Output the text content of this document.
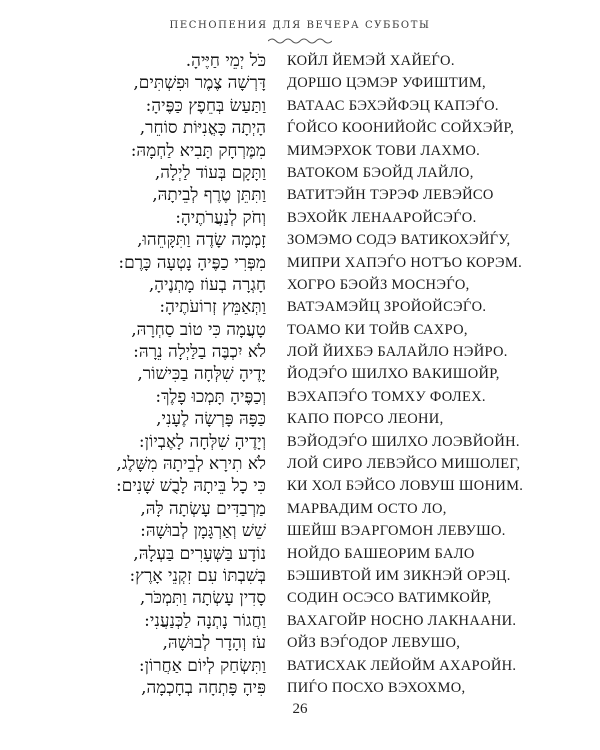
ПЕСНОПЕНИЯ ДЛЯ ВЕЧЕРА СУББОТЫ
כֹּל יְמֵי חַיֶּיהָ. КОЙЛ ЙЕМЭЙ ХАЙЕЃО.
דָּרְשָׁה צֶמֶר וּפִשְׁתִּים, ДОРШО ЦЭМЭР УФИШТИМ,
וַתַּעַשׂ בְּחֵפֶץ כַּפֶּיהָ: ВАТААС БЭХЭЙФЭЦ КАПЭЃО.
הָיְתָה כָּאֳנִיּוֹת סוֹחֵר, ЃОЙСО КООНИЙОЙС СОЙХЭЙР,
מִמֶּרְחָק תָּבִיא לַחְמָהּ: МИМЭРХОК ТОВИ ЛАХМО.
וַתָּקָם בְּעוֹד לַיְלָה, ВАТОКОМ БЭОЙД ЛАЙЛО,
וַתִּתֵּן טֶרֶף לְבֵיתָהּ, ВАТИТЭЙН ТЭРЭФ ЛЕВЭЙСО
וְחֹק לְנַעֲרֹתֶיהָ: ВЭХОЙК ЛЕНААРОЙСЭЃО.
זָמְמָה שָׂדֶה וַתִּקָּחֵהוּ, ЗОМЭМО СОДЭ ВАТИКОХЭЙЃУ,
מִפְּרִי כַפֶּיהָ נָטְעָה כָּרֶם: МИПРИ ХАПЭЃО НОТЪО КОРЭМ.
חָגְרָה בְעוֹז מָתְנֶיהָ, ХОГРО БЭОЙЗ МОСНЭЃО,
וַתְּאַמֵּץ זְרוֹעֹתֶיהָ: ВАТЭАМЭЙЦ ЗРОЙОЙСЭЃО.
טָעֲמָה כִּי טוֹב סַחְרָהּ, ТОАМО КИ ТОЙВ САХРО,
לֹא יִכְבֶּה בַלַּיְלָה נֵרָהּ: ЛОЙ ЙИХБЭ БАЛАЙЛО НЭЙРО.
יָדֶיהָ שִׁלְּחָה בַכִּישׁוֹר, ЙОДЭЃО ШИЛХО ВАКИШОЙР,
וְכַפֶּיהָ תָּמְכוּ פָלֶךְ: ВЭХАПЭЃО ТОМХУ ФОЛЕХ.
כַּפָּהּ פָּרְשָׂה לֶעָנִי, КАПО ПОРСО ЛЕОНИ,
וְיָדֶיהָ שִׁלְּחָה לָאֶבְיוֹן: ВЭЙОДЭЃО ШИЛХО ЛОЭВЙОЙН.
לֹא תִירָא לְבֵיתָהּ מִשָּׁלֶג, ЛОЙ СИРО ЛЕВЭЙСО МИШОЛЕГ,
כִּי כָל בֵּיתָהּ לָבֻשׁ שָׁנִים: КИ ХОЛ БЭЙСО ЛОВУШ ШОНИМ.
מַרְבַדִּים עָשְׂתָה לָּהּ, МАРВАДИМ ОСТО ЛО,
שֵׁשׁ וְאַרְגָּמָן לְבוּשָׁהּ: ШЕЙШ ВЭАРГОМОН ЛЕВУШО.
נוֹדָע בַּשְּׁעָרִים בַּעְלָהּ, НОЙДО БАШЕОРИМ БАЛО
בְּשִׁבְתּוֹ עִם זִקְנֵי אָרֶץ: БЭШИВТОЙ ИМ ЗИКНЭЙ ОРЭЦ.
סָדִין עָשְׂתָה וַתִּמְכֹּר, СОДИН ОСЭСО ВАТИМКОЙР,
וַחֲגוֹר נָתְנָה לַכְּנַעֲנִי: ВАХАГОЙР НОСНО ЛАКНААНИ.
עֹז וְהָדָר לְבוּשָׁהּ, ОЙЗ ВЭЃОДОР ЛЕВУШО,
וַתִּשְׂחַק לְיוֹם אַחֲרוֹן: ВАТИСХАК ЛЕЙОЙМ АХАРОЙН.
פִּיהָ פָּתְחָה בְחָכְמָה, ПИЃО ПОСХО ВЭХОХМО,
26
